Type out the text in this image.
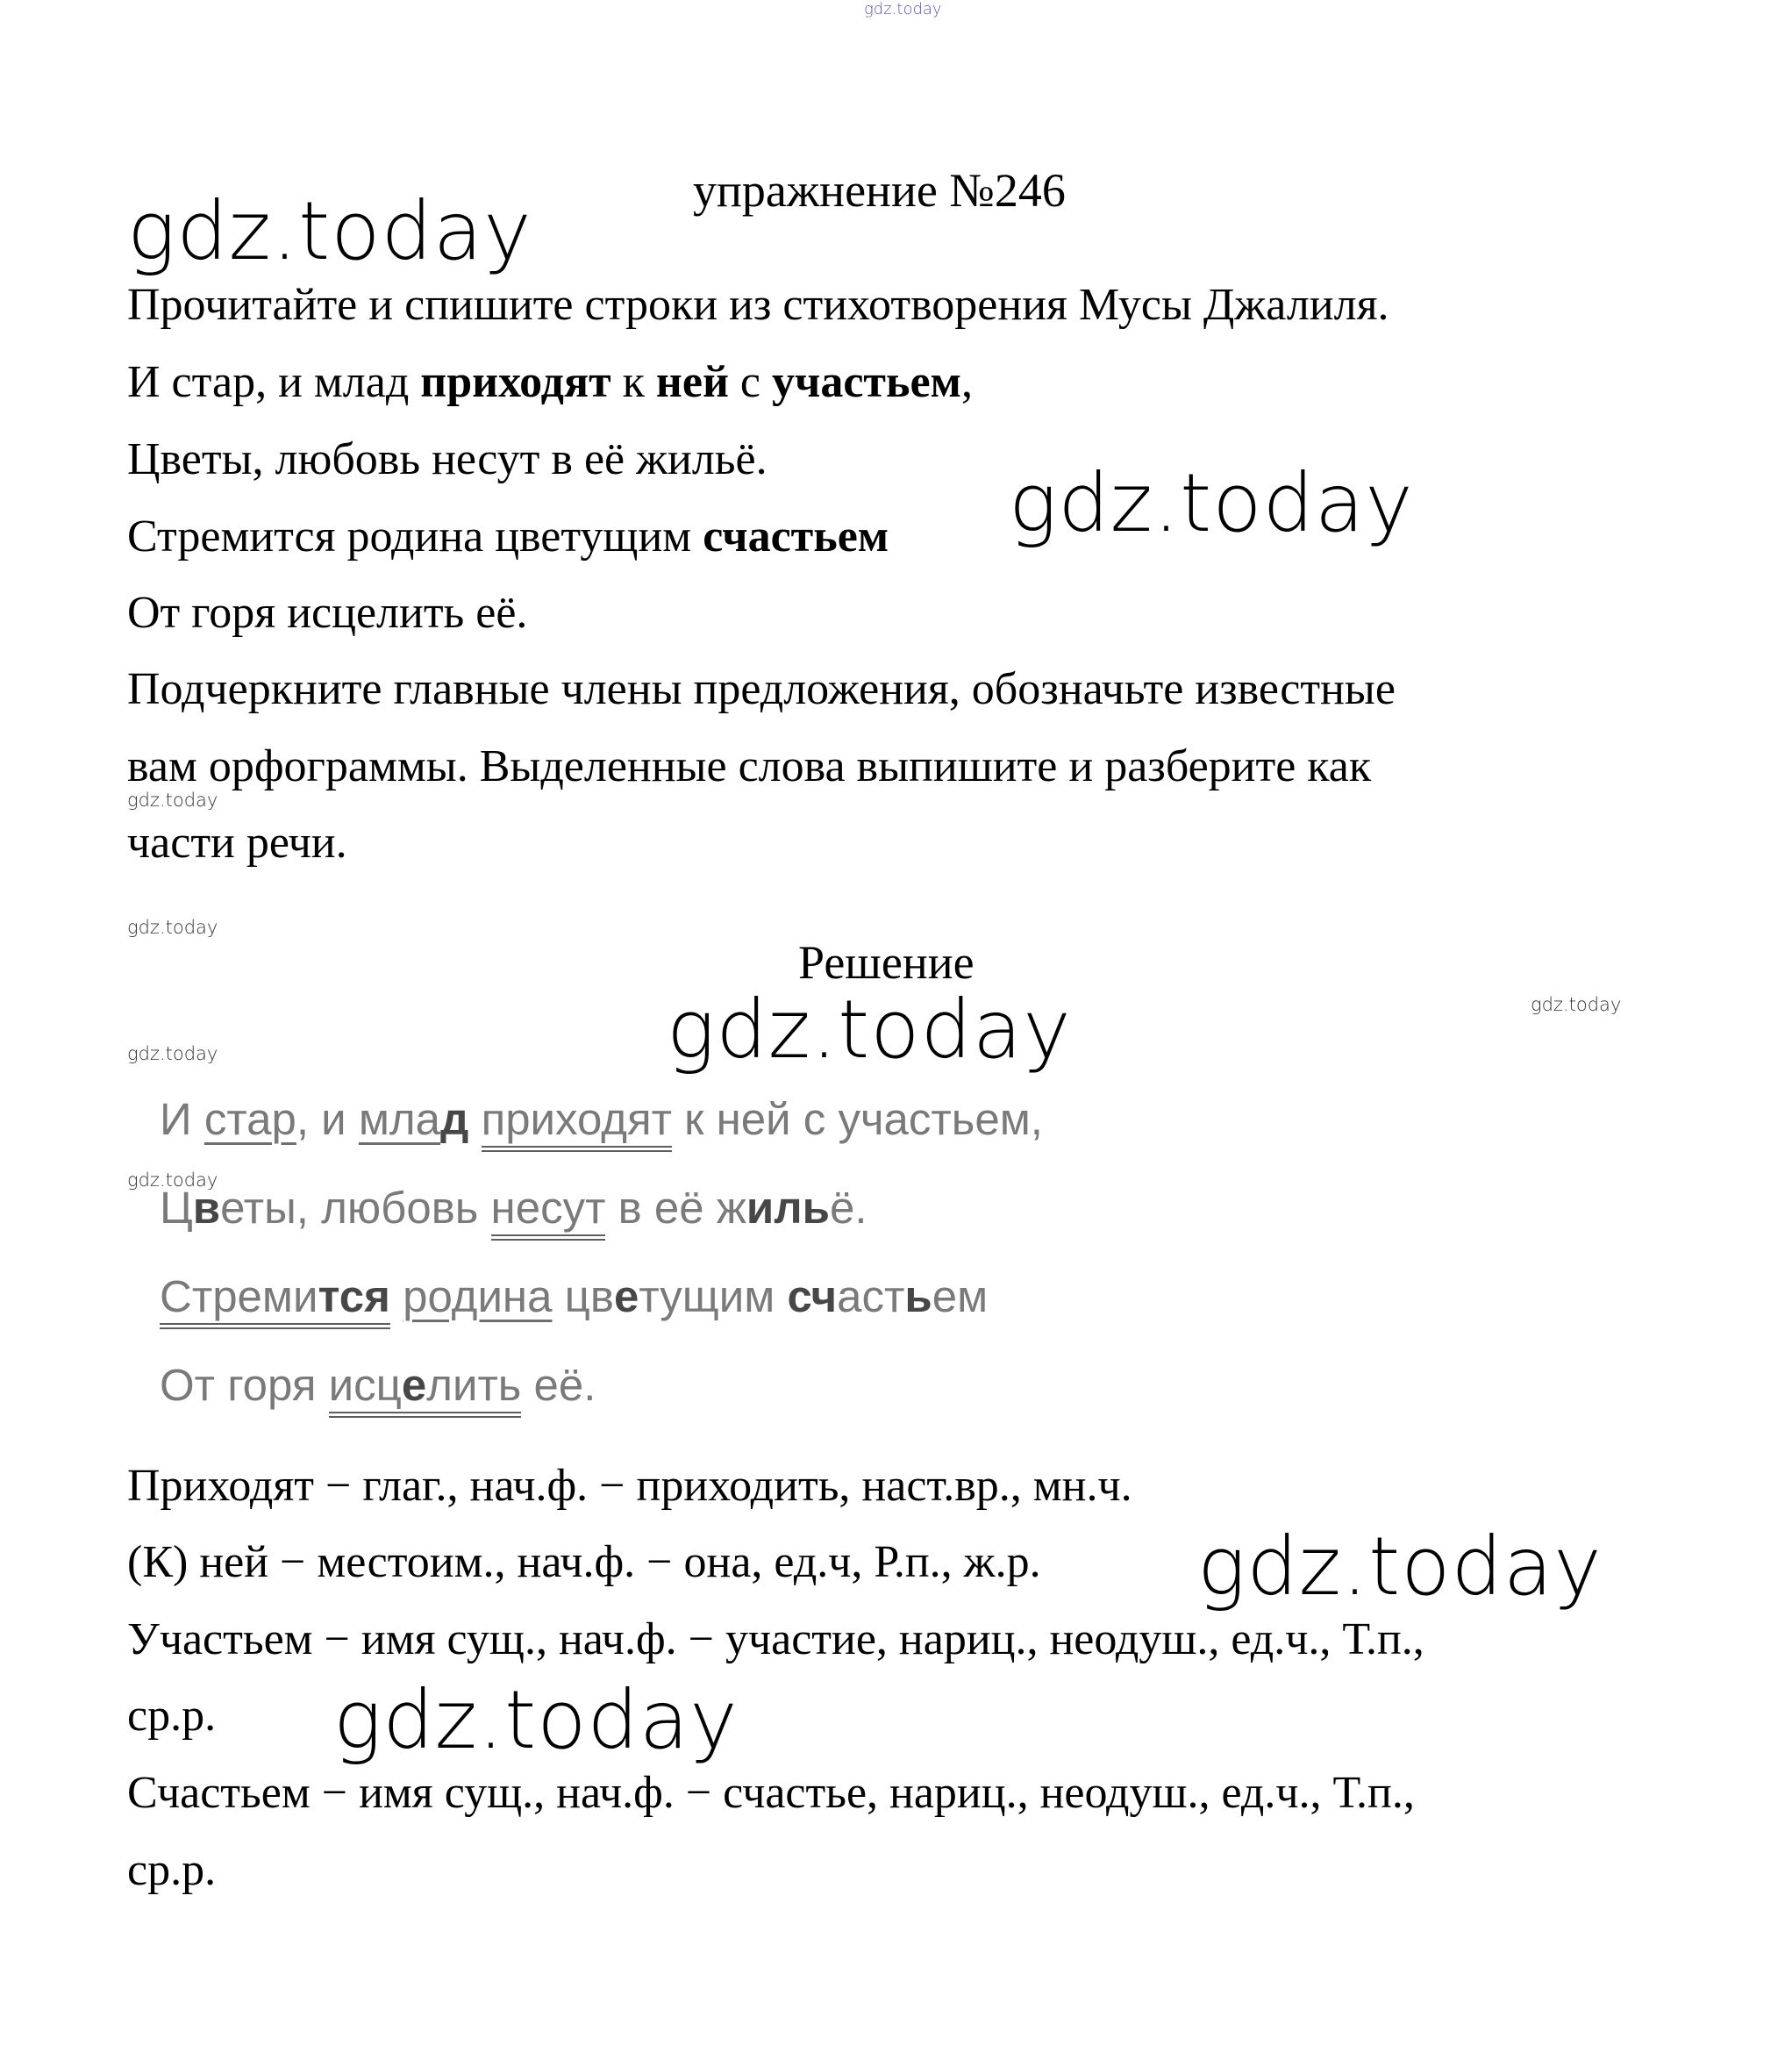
gdz.today
gdz.today
gdz.today
gdz.today
gdz.today
gdz.today
gdz.today
gdz.today
gdz.today
gdz.today
gdz.today
упражнение №246
Прочитайте и спишите строки из стихотворения Мусы Джалиля.
И стар, и млад приходят к ней с участьем,
Цветы, любовь несут в её жильё.
Стремится родина цветущим счастьем
От горя исцелить её.
Подчеркните главные члены предложения, обозначьте известные
вам орфограммы. Выделенные слова выпишите и разберите как
части речи.
Решение
И стар, и млад приходят к ней с участьем,
Цветы, любовь несут в её жильё.
Стремится родина цветущим счастьем
От горя исцелить её.
Приходят − глаг., нач.ф. − приходить, наст.вр., мн.ч.
(К) ней − местоим., нач.ф. − она, ед.ч, Р.п., ж.р.
Участьем − имя сущ., нач.ф. − участие, нариц., неодуш., ед.ч., Т.п.,
ср.р.
Счастьем − имя сущ., нач.ф. − счастье, нариц., неодуш., ед.ч., Т.п.,
ср.р.
